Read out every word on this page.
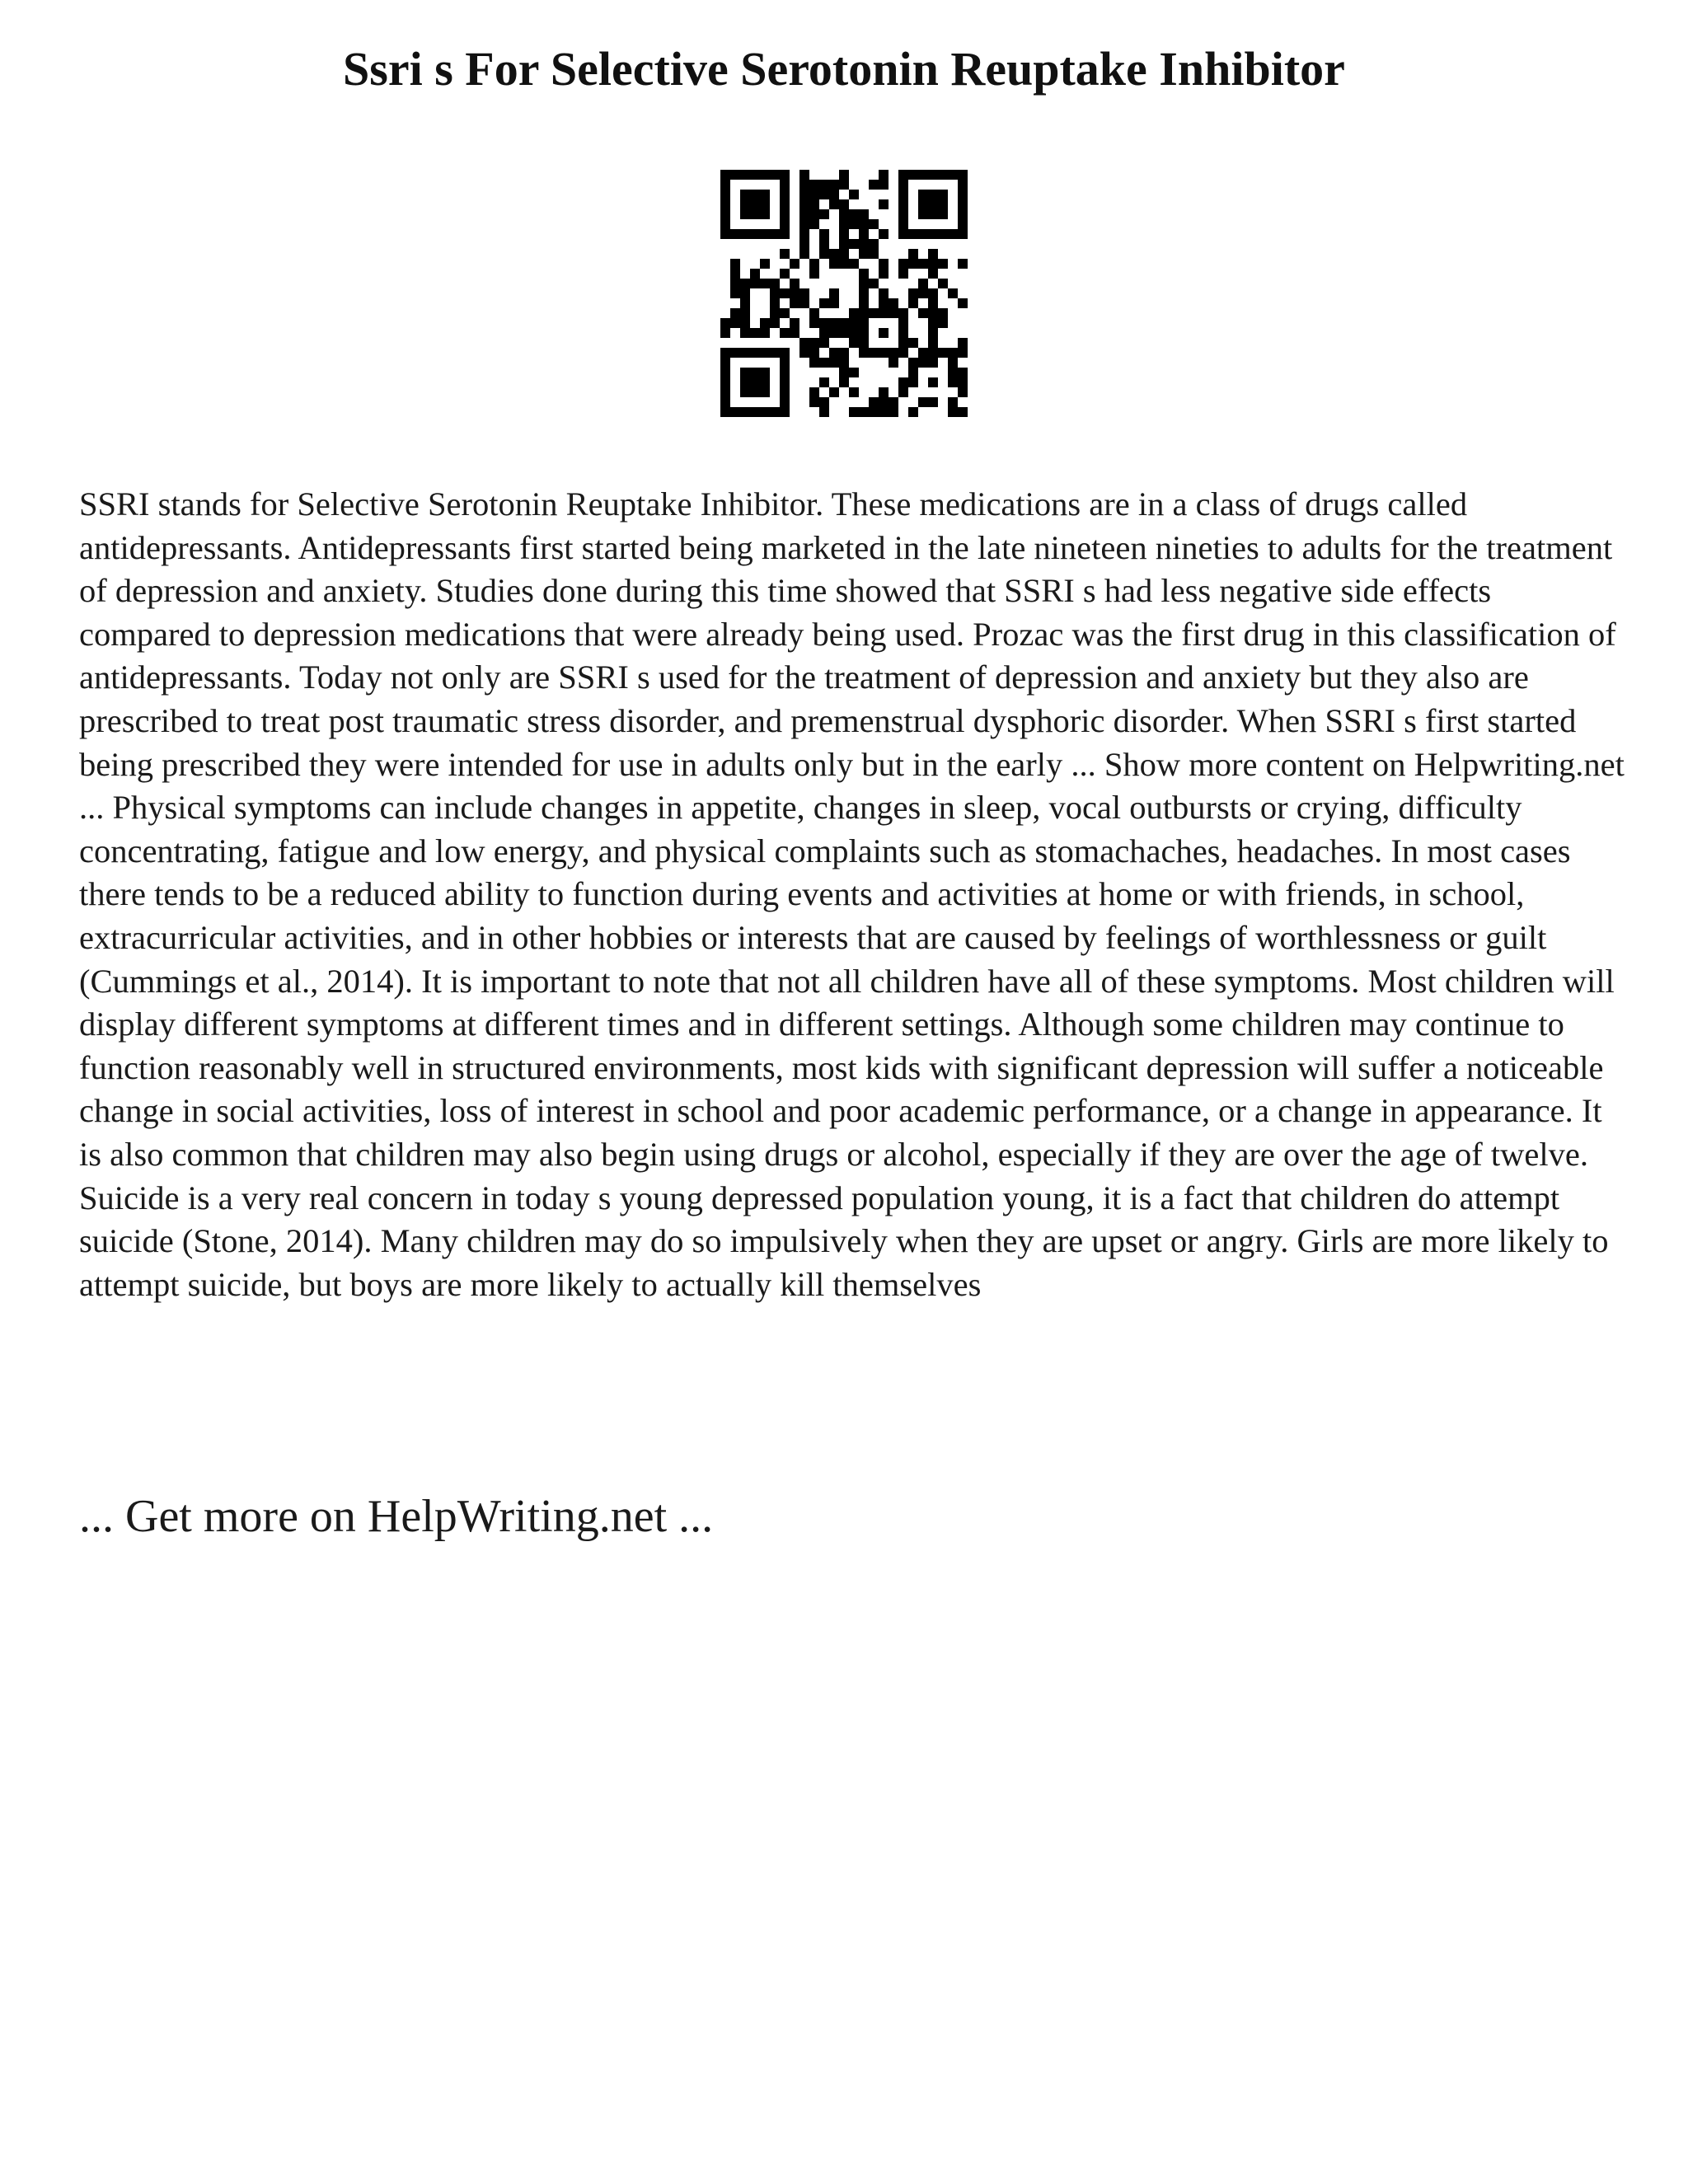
Ssri s For Selective Serotonin Reuptake Inhibitor

SSRI stands for Selective Serotonin Reuptake Inhibitor. These medications are in a class of drugs called antidepressants. Antidepressants first started being marketed in the late nineteen nineties to adults for the treatment of depression and anxiety. Studies done during this time showed that SSRI s had less negative side effects compared to depression medications that were already being used. Prozac was the first drug in this classification of antidepressants. Today not only are SSRI s used for the treatment of depression and anxiety but they also are prescribed to treat post traumatic stress disorder, and premenstrual dysphoric disorder. When SSRI s first started being prescribed they were intended for use in adults only but in the early ... Show more content on Helpwriting.net ... Physical symptoms can include changes in appetite, changes in sleep, vocal outbursts or crying, difficulty concentrating, fatigue and low energy, and physical complaints such as stomachaches, headaches. In most cases there tends to be a reduced ability to function during events and activities at home or with friends, in school, extracurricular activities, and in other hobbies or interests that are caused by feelings of worthlessness or guilt (Cummings et al., 2014). It is important to note that not all children have all of these symptoms. Most children will display different symptoms at different times and in different settings. Although some children may continue to function reasonably well in structured environments, most kids with significant depression will suffer a noticeable change in social activities, loss of interest in school and poor academic performance, or a change in appearance. It is also common that children may also begin using drugs or alcohol, especially if they are over the age of twelve. Suicide is a very real concern in today s young depressed population young, it is a fact that children do attempt suicide (Stone, 2014). Many children may do so impulsively when they are upset or angry. Girls are more likely to attempt suicide, but boys are more likely to actually kill themselves

... Get more on HelpWriting.net ...
